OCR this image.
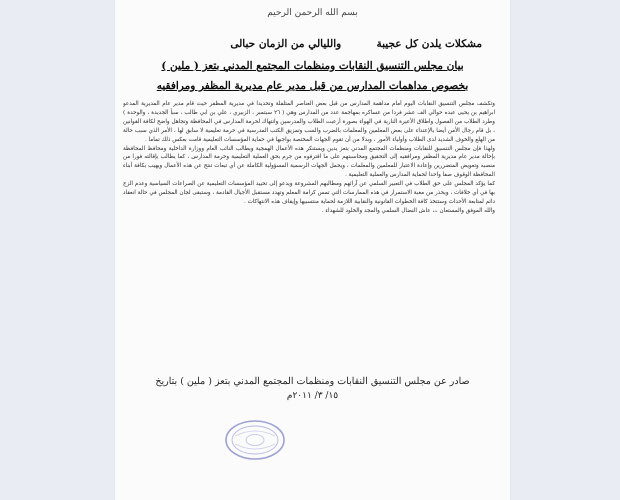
بسم الله الرحمن الرحيم
مشكلات يلدن كل عجيبة  والليالي من الزمان حبالى
بيان مجلس التنسيق النقابات ومنظمات المجتمع المدني بتعز ( ملين )
بخصوص مداهمات المدارس من قبل مدير عام مديرية المظفر ومرافقيه

وتكشف مجلس التنسيق النقابات اليوم أمام مداهمة المدارس من قبل بعض العناصر المتلفلة وتحديدا في مديرية المظفر حيث قام مدير عام المديرية المدعو ابراهيم بن يحيى عبده حوالي الف عشر فردا من عساكره بمهاجمة عدد من المدارس وهي ( ٢٦ سبتمبر ، الزبيري ، علي بن ابي طالب ، سبأ الجديدة ، والوحدة ) وطرد الطلاب من الفصول واطلاق الأعيرة النارية في الهواء بصورة أرعبت الطلاب والمدرسين وانتهاك لحرمة المدارس في المحافظة وتجاهل واضح لكافة القوانين ، بل قام رجال الأمن أيضا بالإعتداء على بعض المعلمين والمعلمات بالضرب والسب وتمزيق الكتب المدرسية في حرمة تعليمية لا سابق لها ، الأمر الذي سبب حالة من الهلع والخوف الشديد لدى الطلاب وأولياء الأمور ، وبدلا من أن تقوم الجهات المختصة بواجبها في حماية المؤسسات التعليمية قامت بعكس ذلك تماما .

ولهذا فإن مجلس التنسيق للنقابات ومنظمات المجتمع المدني بتعز يدين ويستنكر هذه الأعمال الهمجية ويطالب النائب العام ووزارة الداخلية ومحافظ المحافظة بإحالة مدير عام مديرية المظفر ومرافقيه إلى التحقيق ومحاسبتهم على ما اقترفوه من جرم بحق العملية التعليمية وحرمة المدارس ، كما يطالب بإقالته فورا من منصبه وتعويض المتضررين وإعادة الاعتبار للمعلمين والمعلمات ، ويحمل الجهات الرسمية المسؤولية الكاملة عن أي تبعات تنتج عن هذه الأعمال ويهيب بكافة أبناء المحافظة الوقوف صفا واحدا لحماية المدارس والعملية التعليمية .

كما يؤكد المجلس على حق الطلاب في التعبير السلمي عن آرائهم ومطالبهم المشروعة ويدعو إلى تحييد المؤسسات التعليمية عن الصراعات السياسية وعدم الزج بها في أي خلافات ، ويحذر من مغبة الاستمرار في هذه الممارسات التي تمس كرامة المعلم وتهدد مستقبل الأجيال القادمة ، وستبقى لجان المجلس في حالة انعقاد دائم لمتابعة الأحداث وستتخذ كافة الخطوات القانونية والنقابية اللازمة لحماية منتسبيها وإيقاف هذه الانتهاكات .

والله الموفق والمستعان ،،، عاش النضال السلمي والمجد والخلود للشهداء .

صادر عن مجلس التنسيق النقابات ومنظمات المجتمع المدني بتعز ( ملين ) بتاريخ
١٥/ ٣/ ٢٠١١م
